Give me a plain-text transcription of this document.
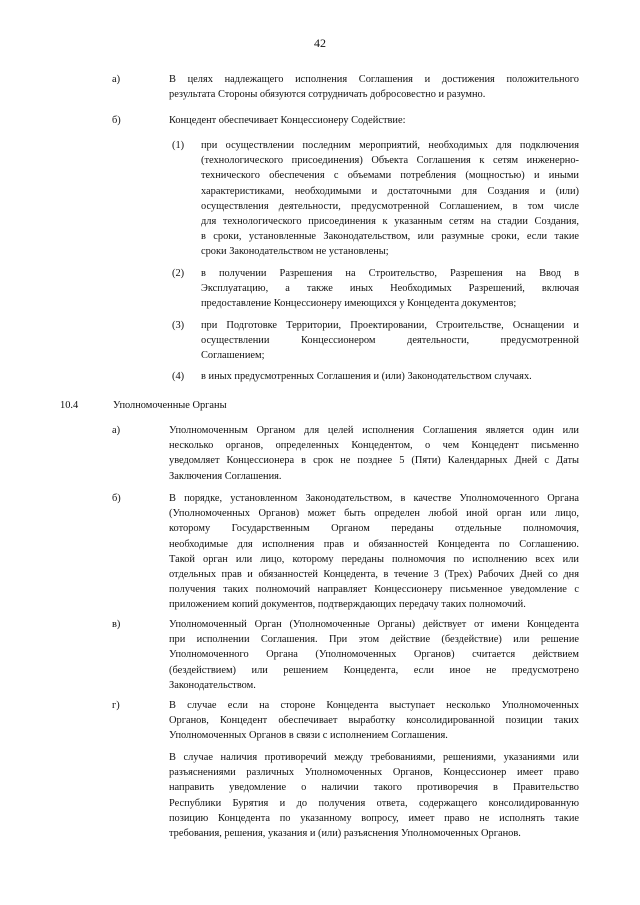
42
а)	В целях надлежащего исполнения Соглашения и достижения положительного
результата Стороны обязуются сотрудничать добросовестно и разумно.
б)	Концедент обеспечивает Концессионеру Содействие:
(1) при осуществлении последним мероприятий, необходимых для подключения
(технологического присоединения) Объекта Соглашения к сетям инженерно-
технического обеспечения с объемами потребления (мощностью) и иными
характеристиками, необходимыми и достаточными для Создания и (или)
осуществления деятельности, предусмотренной Соглашением, в том числе
для технологического присоединения к указанным сетям на стадии Создания,
в сроки, установленные Законодательством, или разумные сроки, если такие
сроки Законодательством не установлены;
(2) в получении Разрешения на Строительство, Разрешения на Ввод в
Эксплуатацию, а также иных Необходимых Разрешений, включая
предоставление Концессионеру имеющихся у Концедента документов;
(3) при Подготовке Территории, Проектировании, Строительстве, Оснащении и
осуществлении Концессионером деятельности, предусмотренной
Соглашением;
(4) в иных предусмотренных Соглашения и (или) Законодательством случаях.
10.4	Уполномоченные Органы
а)	Уполномоченным Органом для целей исполнения Соглашения является один или
несколько органов, определенных Концедентом, о чем Концедент письменно
уведомляет Концессионера в срок не позднее 5 (Пяти) Календарных Дней с Даты
Заключения Соглашения.
б)	В порядке, установленном Законодательством, в качестве Уполномоченного Органа
(Уполномоченных Органов) может быть определен любой иной орган или лицо,
которому Государственным Органом переданы отдельные полномочия,
необходимые для исполнения прав и обязанностей Концедента по Соглашению.
Такой орган или лицо, которому переданы полномочия по исполнению всех или
отдельных прав и обязанностей Концедента, в течение 3 (Трех) Рабочих Дней со дня
получения таких полномочий направляет Концессионеру письменное уведомление с
приложением копий документов, подтверждающих передачу таких полномочий.
в)	Уполномоченный Орган (Уполномоченные Органы) действует от имени Концедента
при исполнении Соглашения. При этом действие (бездействие) или решение
Уполномоченного Органа (Уполномоченных Органов) считается действием
(бездействием) или решением Концедента, если иное не предусмотрено
Законодательством.
г)	В случае если на стороне Концедента выступает несколько Уполномоченных
Органов, Концедент обеспечивает выработку консолидированной позиции таких
Уполномоченных Органов в связи с исполнением Соглашения.
В случае наличия противоречий между требованиями, решениями, указаниями или
разъяснениями различных Уполномоченных Органов, Концессионер имеет право
направить уведомление о наличии такого противоречия в Правительство
Республики Бурятия и до получения ответа, содержащего консолидированную
позицию Концедента по указанному вопросу, имеет право не исполнять такие
требования, решения, указания и (или) разъяснения Уполномоченных Органов.
